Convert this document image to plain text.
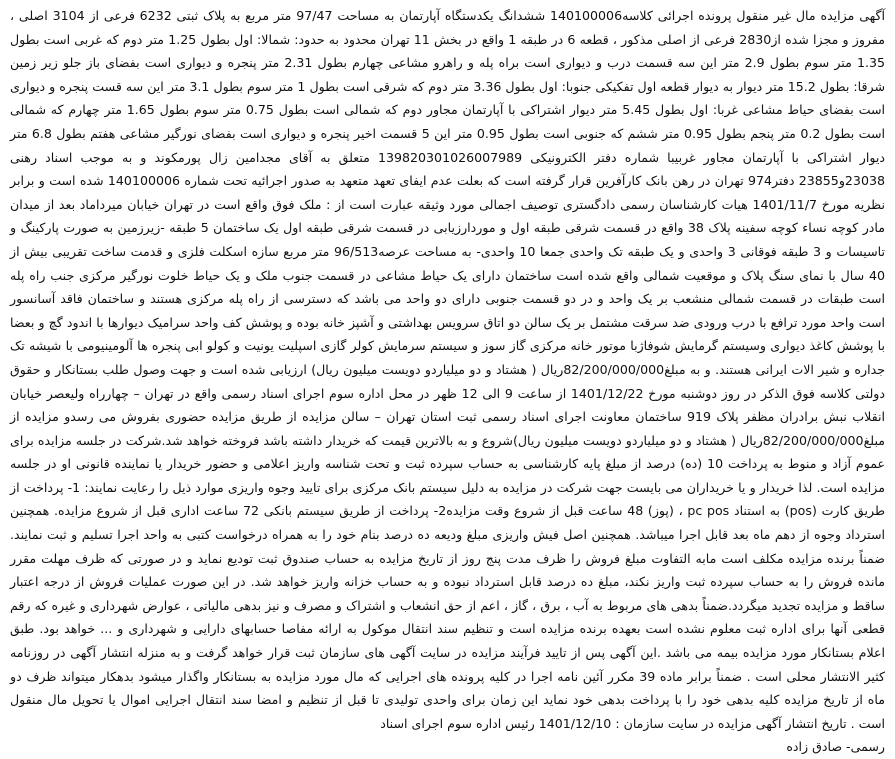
آگهی مزایده مال غیر منقول پرونده اجرائی کلاسه140100006 ششدانگ یکدستگاه آپارتمان به مساحت 97/47 متر مربع به پلاک ثبتی 6232 فرعی از 3104 اصلی ، مفروز و مجزا شده از2830 فرعی از اصلی مذکور ، قطعه 6 در طبقه 1 واقع در بخش 11 تهران محدود به حدود: شمالا: اول بطول 1.25 متر دوم که غربی است بطول 1.35 متر سوم بطول 2.9 متر این سه قسمت درب و دیواری است براه پله و راهرو مشاعی چهارم بطول 2.31 متر پنجره و دیواری است بفضای باز جلو زیر زمین شرقا: بطول 15.2 متر دیوار به دیوار قطعه اول تفکیکی جنوبا: اول بطول 3.36 متر دوم که شرقی است بطول 1 متر سوم بطول 3.1 متر این سه قست پنجره و دیواری است بفضای حیاط مشاعی غربا: اول بطول 5.45 متر دیوار اشتراکی با آپارتمان مجاور دوم که شمالی است بطول 0.75 متر سوم بطول 1.65 متر چهارم که شمالی است بطول 0.2 متر پنجم بطول 0.95 متر ششم که جنوبی است بطول 0.95 متر این 5 قسمت اخیر پنجره و دیواری است بفضای نورگیر مشاعی هفتم بطول 6.8 متر دیوار اشتراکی با آپارتمان مجاور غربیبا شماره دفتر الکترونیکی 139820301026007989 متعلق به آقای مجدامین زال پورمکوند و به موجب اسناد رهنی 23038و23855 دفتر974 تهران در رهن بانک کارآفرین قرار گرفته است که بعلت عدم ایفای تعهد متعهد به صدور اجرائیه تحت شماره 140100006 شده است و برابر نظریه مورخ 1401/11/7 هیات کارشناسان رسمی دادگستری توصیف اجمالی مورد وثیقه عبارت است از : ملک فوق واقع است در تهران خیابان میرداماد بعد از میدان مادر کوچه نساء کوچه سفینه پلاک 38 واقع در قسمت شرقی طبقه اول و موردارزیابی در قسمت شرقی طبقه اول یک ساختمان 5 طبقه -زیرزمین به صورت پارکینگ و تاسیسات و 3 طبقه فوقانی 3 واحدی و یک طبقه تک واحدی جمعا 10 واحدی- به مساحت عرصه96/513 متر مربع سازه اسکلت فلزی و قدمت ساخت تقریبی بیش از 40 سال با نمای سنگ پلاک و موقعیت شمالی واقع شده است ساختمان دارای یک حیاط مشاعی در قسمت جنوب ملک و یک حیاط خلوت نورگیر مرکزی جنب راه پله است طبقات در قسمت شمالی منشعب بر یک واحد و در دو قسمت جنوبی دارای دو واحد می باشد که دسترسی از راه پله مرکزی هستند و ساختمان فاقد آسانسور است واحد مورد ترافع با درب ورودی ضد سرقت مشتمل بر یک سالن دو اتاق سرویس بهداشتی و آشپز خانه بوده و پوشش کف واحد سرامیک دیوارها با اندود گچ و بعضا با پوشش کاغذ دیواری وسیستم گرمایش شوفاژبا موتور خانه مرکزی گاز سوز و سیستم سرمایش کولر گازی اسپلیت یونیت و کولو ابی پنجره ها آلومینیومی با شیشه تک جداره و شیر الات ایرانی هستند. و به مبلغ82/200/000/000ریال ( هشتاد و دو میلیاردو دویست میلیون ریال) ارزیابی شده است و جهت وصول طلب بستانکار و حقوق دولتی کلاسه فوق الذکر در روز دوشنبه مورخ 1401/12/22 از ساعت 9 الی 12 ظهر در محل اداره سوم اجرای اسناد رسمی واقع در تهران – چهارراه ولیعصر خیابان انقلاب نبش برادران مظفر پلاک 919 ساختمان معاونت اجرای اسناد رسمی ثبت استان تهران – سالن مزایده از طریق مزایده حضوری بفروش می رسدو مزایده از مبلغ82/200/000/000ریال ( هشتاد و دو میلیاردو دویست میلیون ریال)شروع و به بالاترین قیمت که خریدار داشته باشد فروخته خواهد شد.شرکت در جلسه مزایده برای عموم آزاد و منوط به پرداخت 10 (ده) درصد از مبلغ پایه کارشناسی به حساب سپرده ثبت و تحت شناسه واریز اعلامی و حضور خریدار یا نماینده قانونی او در جلسه مزایده است. لذا خریدار و یا خریداران می بایست جهت شرکت در مزایده به دلیل سیستم بانک مرکزی برای تایید وجوه واریزی موارد ذیل را رعایت نمایند: 1- پرداخت از طریق کارت (pos) به استناد pc pos ، (پوز) 48 ساعت قبل از شروع وقت مزایده2- پرداخت از طریق سیستم بانکی 72 ساعت اداری قبل از شروع مزایده. همچنین استرداد وجوه از دهم ماه بعد قابل اجرا میباشد. همچنین اصل فیش واریزی مبلغ ودیعه ده درصد بنام خود را به همراه درخواست کتبی به واحد اجرا تسلیم و ثبت نمایند. ضمناً برنده مزایده مکلف است مابه التفاوت مبلغ فروش را ظرف مدت پنج روز از تاریخ مزایده به حساب صندوق ثبت تودیع نماید و در صورتی که ظرف مهلت مقرر مانده فروش را به حساب سپرده ثبت واریز نکند، مبلغ ده درصد قابل استرداد نبوده و به حساب خزانه واریز خواهد شد. در این صورت عملیات فروش از درجه اعتبار ساقط و مزایده تجدید میگردد.ضمناً بدهی های مربوط به آب ، برق ، گاز ، اعم از حق انشعاب و اشتراک و مصرف و نیز بدهی مالیاتی ، عوارض شهرداری و غیره که رقم قطعی آنها برای اداره ثبت معلوم نشده است بعهده برنده مزایده است و تنظیم سند انتقال موکول به ارائه مفاصا حسابهای دارایی و شهرداری و ... خواهد بود. طبق اعلام بستانکار مورد مزایده بیمه می باشد .این آگهی پس از تایید فرآیند مزایده در سایت آگهی های سازمان ثبت قرار خواهد گرفت و به منزله انتشار آگهی در روزنامه کثیر الانتشار محلی است . ضمناً برابر ماده 39 مکرر آئین نامه اجرا در کلیه پرونده های اجرایی که مال مورد مزایده به بستانکار واگذار میشود بدهکار میتواند ظرف دو ماه از تاریخ مزایده کلیه بدهی خود را با پرداخت بدهی خود نماید این زمان برای واحدی تولیدی تا قبل از تنظیم و امضا سند انتقال اجرایی اموال یا تحویل مال منقول است . تاریخ انتشار آگهی مزایده در سایت سازمان : 1401/12/10 رئیس اداره سوم اجرای اسناد

رسمی- صادق زاده
